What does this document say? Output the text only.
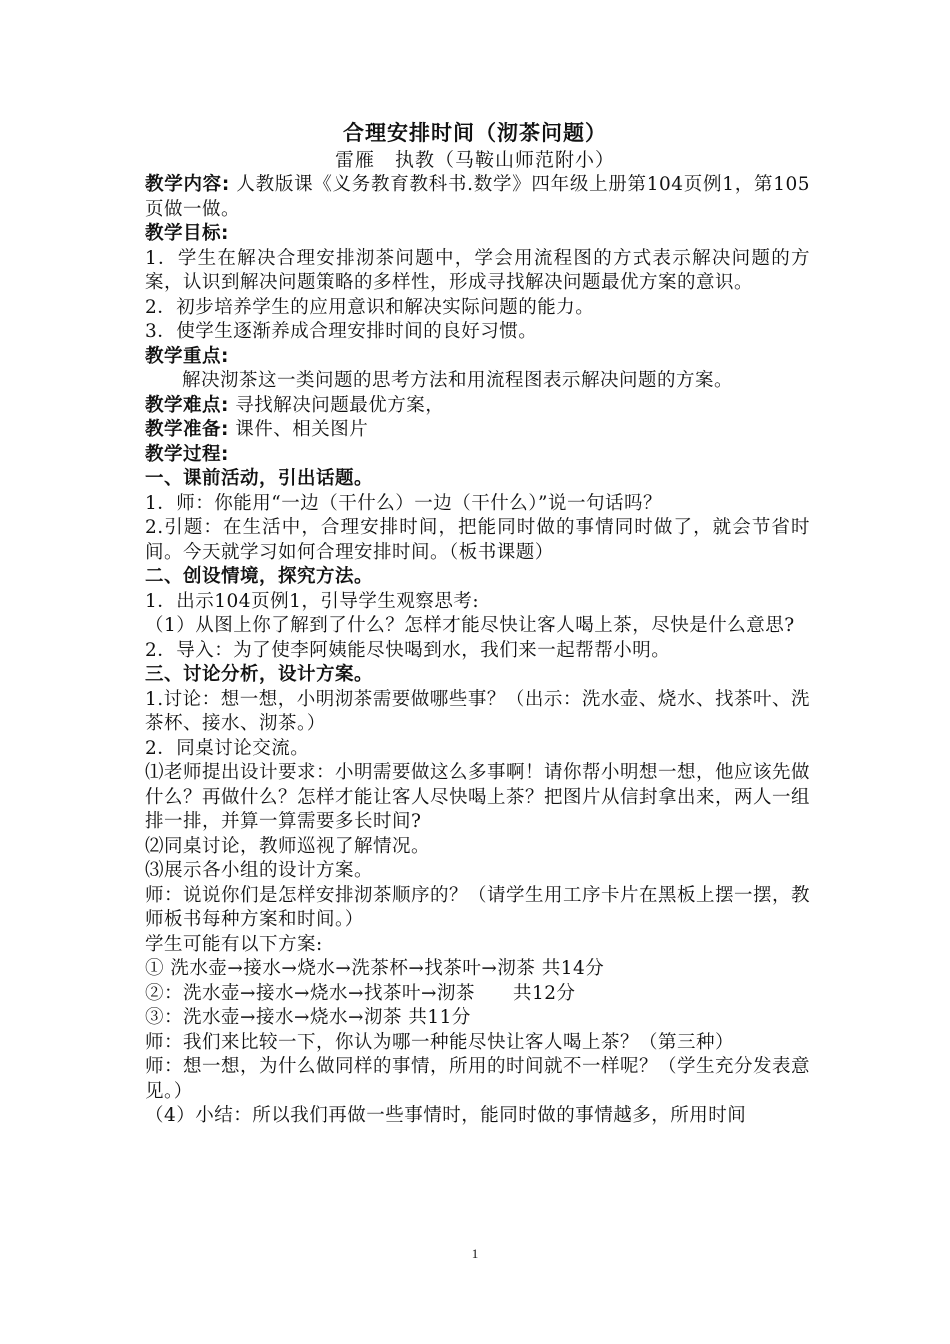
合理安排时间（沏茶问题）
雷雁　执教（马鞍山师范附小）

教学内容: 人教版课《义务教育教科书.数学》四年级上册第104页例1，第105页做一做。

教学目标:

1．学生在解决合理安排沏茶问题中，学会用流程图的方式表示解决问题的方案，认识到解决问题策略的多样性，形成寻找解决问题最优方案的意识。

2．初步培养学生的应用意识和解决实际问题的能力。

3．使学生逐渐养成合理安排时间的良好习惯。

教学重点:

解决沏茶这一类问题的思考方法和用流程图表示解决问题的方案。

教学难点: 寻找解决问题最优方案，

教学准备: 课件、相关图片

教学过程:

一、课前活动，引出话题。

1．师：你能用“一边（干什么）一边（干什么）”说一句话吗？

2.引题：在生活中，合理安排时间，把能同时做的事情同时做了，就会节省时间。今天就学习如何合理安排时间。（板书课题）

二、创设情境，探究方法。

1．出示104页例1，引导学生观察思考:

（1）从图上你了解到了什么？怎样才能尽快让客人喝上茶，尽快是什么意思?

2．导入：为了使李阿姨能尽快喝到水，我们来一起帮帮小明。

三、讨论分析，设计方案。

1.讨论：想一想，小明沏茶需要做哪些事？（出示：洗水壶、烧水、找茶叶、洗茶杯、接水、沏茶。）

2．同桌讨论交流。

⑴老师提出设计要求：小明需要做这么多事啊！请你帮小明想一想，他应该先做什么？再做什么？怎样才能让客人尽快喝上茶？把图片从信封拿出来，两人一组排一排，并算一算需要多长时间?

⑵同桌讨论，教师巡视了解情况。

⑶展示各小组的设计方案。

师：说说你们是怎样安排沏茶顺序的？（请学生用工序卡片在黑板上摆一摆，教师板书每种方案和时间。）

学生可能有以下方案:

① 洗水壶→接水→烧水→洗茶杯→找茶叶→沏茶 共14分

②：洗水壶→接水→烧水→找茶叶→沏茶　　共12分

③：洗水壶→接水→烧水→沏茶 共11分

师：我们来比较一下，你认为哪一种能尽快让客人喝上茶？（第三种）

师：想一想，为什么做同样的事情，所用的时间就不一样呢？（学生充分发表意见。）

（4）小结：所以我们再做一些事情时，能同时做的事情越多，所用时间

1
